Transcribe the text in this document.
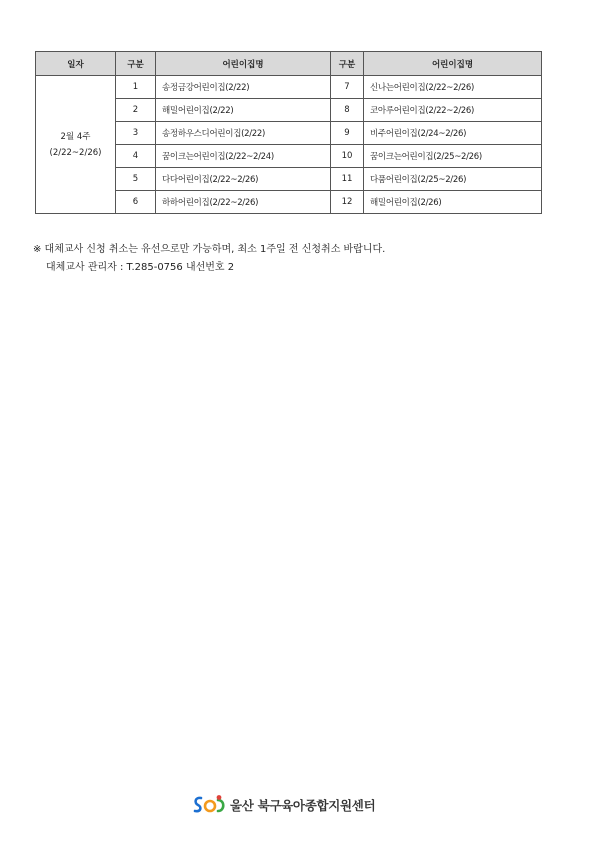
일자	구분	어린이집명	구분	어린이집명

2월 4주
(2/22~2/26)	1	송정금강어린이집(2/22)	7	신나는어린이집(2/22~2/26)
	2	해밀어린이집(2/22)	8	코아루어린이집(2/22~2/26)
	3	송정하우스디어린이집(2/22)	9	비주어린이집(2/24~2/26)
	4	꿈이크는어린이집(2/22~2/24)	10	꿈이크는어린이집(2/25~2/26)
	5	다다어린이집(2/22~2/26)	11	다품어린이집(2/25~2/26)
	6	하하어린이집(2/22~2/26)	12	해밀어린이집(2/26)
※ 대체교사 신청 취소는 유선으로만 가능하며, 최소 1주일 전 신청취소 바랍니다.
대체교사 관리자 : T.285-0756 내선번호 2
울산 북구육아종합지원센터
